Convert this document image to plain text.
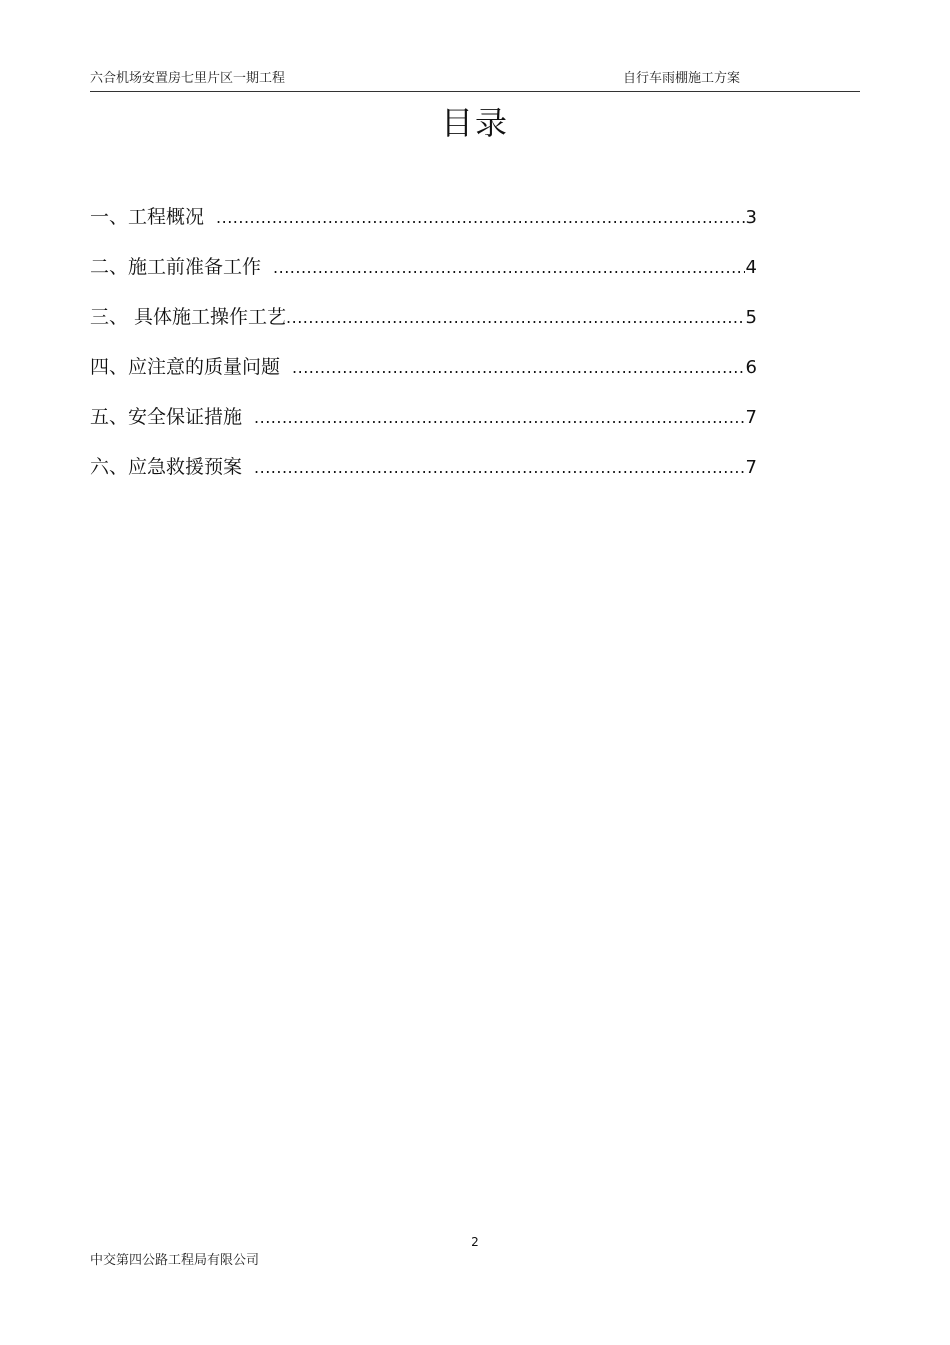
六合机场安置房七里片区一期工程	自行车雨棚施工方案
目录
一、工程概况 .....	3
二、施工前准备工作 .....	4
三、 具体施工操作工艺 .....	5
四、应注意的质量问题 .....	6
五、安全保证措施 .....	7
六、应急救援预案 .....	7
2
中交第四公路工程局有限公司
